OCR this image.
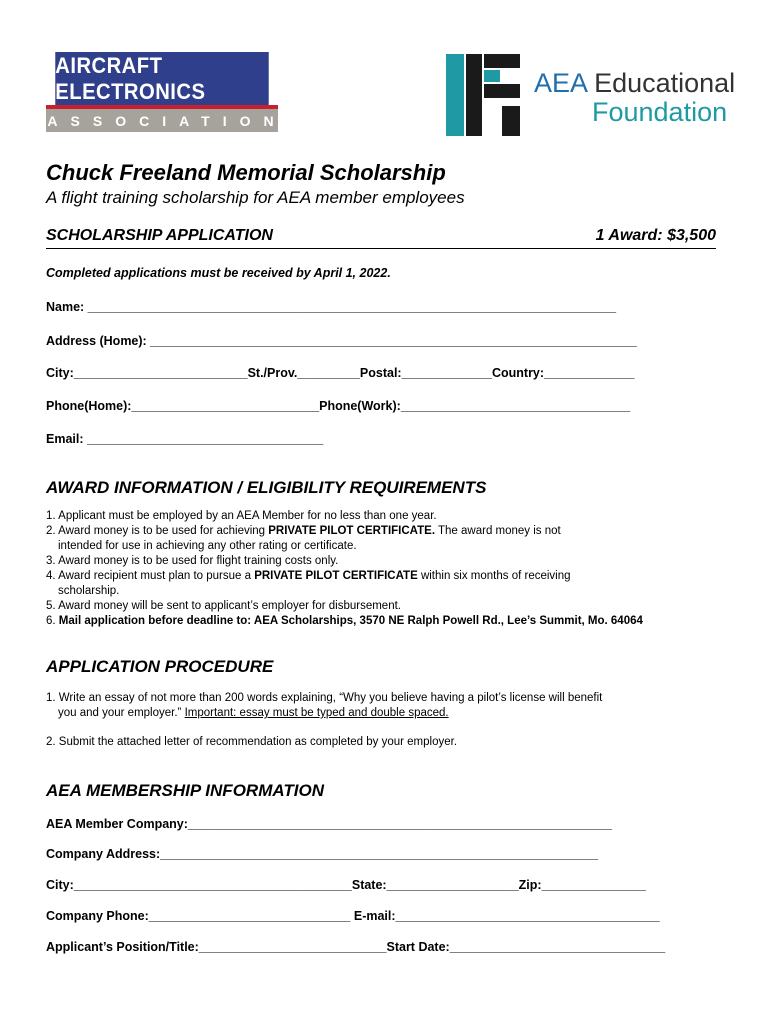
AIRCRAFT ELECTRONICS
ASSOCIATION
AEA Educational
Foundation
Chuck Freeland Memorial Scholarship
A flight training scholarship for AEA member employees
SCHOLARSHIP APPLICATION	1 Award: $3,500
Completed applications must be received by April 1, 2022.
Name: ____________________________________________________________________________
Address (Home): ______________________________________________________________________
City:_________________________St./Prov._________Postal:_____________Country:_____________
Phone(Home):___________________________Phone(Work):_________________________________
Email: __________________________________
AWARD INFORMATION / ELIGIBILITY REQUIREMENTS

1. Applicant must be employed by an AEA Member for no less than one year.

2. Award money is to be used for achieving PRIVATE PILOT CERTIFICATE. The award money is not

intended for use in achieving any other rating or certificate.

3. Award money is to be used for flight training costs only.

4. Award recipient must plan to pursue a PRIVATE PILOT CERTIFICATE within six months of receiving

scholarship.

5. Award money will be sent to applicant’s employer for disbursement.

6. Mail application before deadline to: AEA Scholarships, 3570 NE Ralph Powell Rd., Lee’s Summit, Mo. 64064

APPLICATION PROCEDURE

1. Write an essay of not more than 200 words explaining, “Why you believe having a pilot’s license will benefit

you and your employer.” Important: essay must be typed and double spaced.

2. Submit the attached letter of recommendation as completed by your employer.

AEA MEMBERSHIP INFORMATION
AEA Member Company:_____________________________________________________________
Company Address:_______________________________________________________________
City:________________________________________State:___________________Zip:_______________
Company Phone:_____________________________ E-mail:______________________________________
Applicant’s Position/Title:___________________________Start Date:_______________________________
